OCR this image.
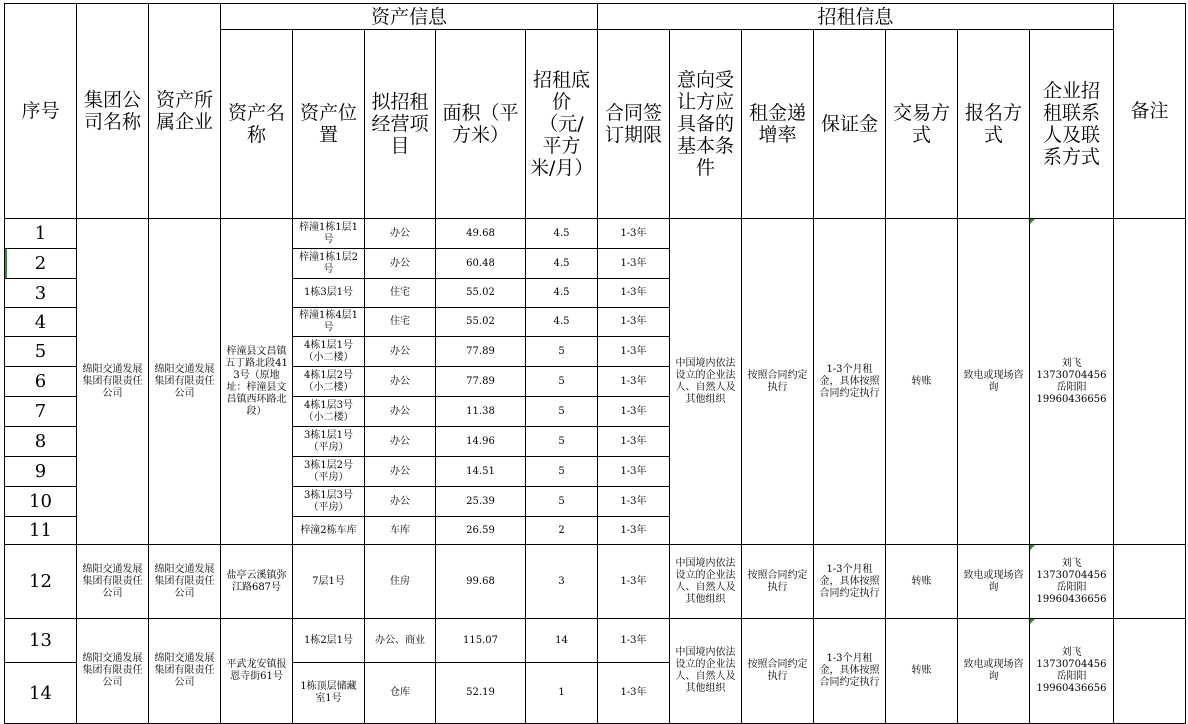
序号	集团公司名称	资产所属企业	资产信息					招租信息							备注

			资产名称	资产位置	拟招租经营项目	面积（平方米）	招租底价（元/平方米/月）	合同签订期限	意向受让方应具备的基本条件	租金递增率	保证金	交易方式	报名方式	企业招租联系人及联系方式	

1	绵阳交通发展集团有限责任公司	绵阳交通发展集团有限责任公司	梓潼县文昌镇五丁路北段413号（原地址：梓潼县文昌镇西环路北段）	梓潼1栋1层1号	办公	49.68	4.5	1-3年	中国境内依法设立的企业法人、自然人及其他组织	按照合同约定执行	1-3个月租金，具体按照合同约定执行	转账	致电或现场咨询	刘飞
13730704456
岳阳阳
19960436656	

2				梓潼1栋1层2号	办公	60.48	4.5	1-3年							

3				1栋3层1号	住宅	55.02	4.5	1-3年							

4				梓潼1栋4层1号	住宅	55.02	4.5	1-3年							

5				4栋1层1号（小二楼）	办公	77.89	5	1-3年							

6				4栋1层2号（小二楼）	办公	77.89	5	1-3年							

7				4栋1层3号（小二楼）	办公	11.38	5	1-3年							

8				3栋1层1号（平房）	办公	14.96	5	1-3年							

9				3栋1层2号（平房）	办公	14.51	5	1-3年							

10				3栋1层3号（平房）	办公	25.39	5	1-3年							

11				梓潼2栋车库	车库	26.59	2	1-3年							

12	绵阳交通发展集团有限责任公司	绵阳交通发展集团有限责任公司	盐亭云溪镇弥江路687号	7层1号	住房	99.68	3	1-3年	中国境内依法设立的企业法人、自然人及其他组织	按照合同约定执行	1-3个月租金，具体按照合同约定执行	转账	致电或现场咨询	刘飞
13730704456
岳阳阳
19960436656	

13	绵阳交通发展集团有限责任公司	绵阳交通发展集团有限责任公司	平武龙安镇报恩寺街61号	1栋2层1号	办公、商业	115.07	14	1-3年	中国境内依法设立的企业法人、自然人及其他组织	按照合同约定执行	1-3个月租金，具体按照合同约定执行	转账	致电或现场咨询	刘飞
13730704456
岳阳阳
19960436656	

14				1栋顶层储藏室1号	仓库	52.19	1	1-3年							
